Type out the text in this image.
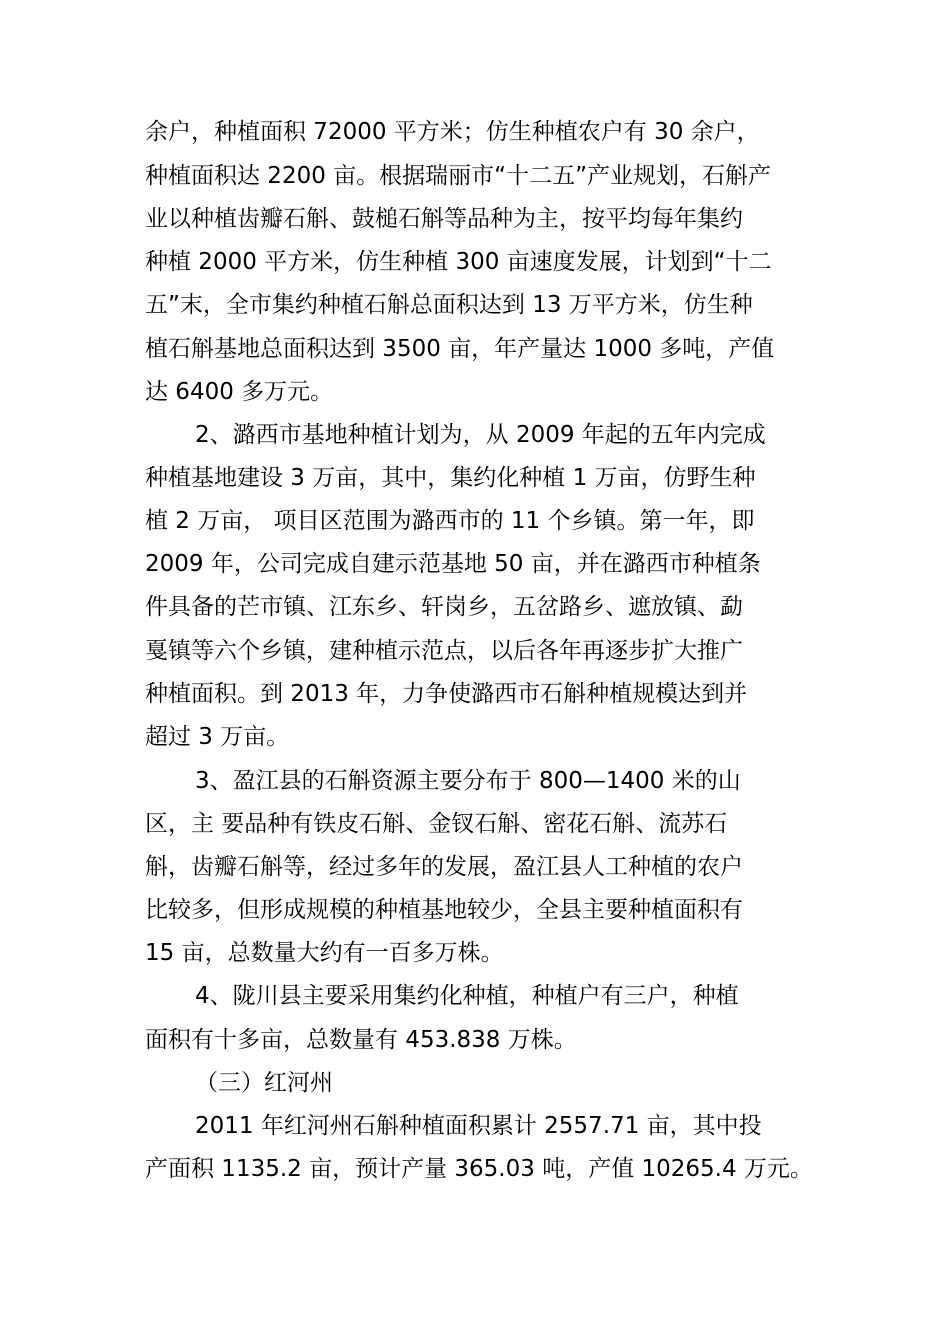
余户，种植面积 72000 平方米；仿生种植农户有 30 余户，
种植面积达 2200 亩。根据瑞丽市“十二五”产业规划，石斛产
业以种植齿瓣石斛、鼓槌石斛等品种为主，按平均每年集约
种植 2000 平方米，仿生种植 300 亩速度发展，计划到“十二
五”末，全市集约种植石斛总面积达到 13 万平方米，仿生种
植石斛基地总面积达到 3500 亩，年产量达 1000 多吨，产值
达 6400 多万元。
2、潞西市基地种植计划为，从 2009 年起的五年内完成
种植基地建设 3 万亩，其中，集约化种植 1 万亩，仿野生种
植 2 万亩， 项目区范围为潞西市的 11 个乡镇。第一年，即
2009 年，公司完成自建示范基地 50 亩，并在潞西市种植条
件具备的芒市镇、江东乡、轩岗乡，五岔路乡、遮放镇、勐
戛镇等六个乡镇，建种植示范点，以后各年再逐步扩大推广
种植面积。到 2013 年，力争使潞西市石斛种植规模达到并
超过 3 万亩。
3、盈江县的石斛资源主要分布于 800—1400 米的山
区，主 要品种有铁皮石斛、金钗石斛、密花石斛、流苏石
斛，齿瓣石斛等，经过多年的发展，盈江县人工种植的农户
比较多，但形成规模的种植基地较少，全县主要种植面积有
15 亩，总数量大约有一百多万株。
4、陇川县主要采用集约化种植，种植户有三户，种植
面积有十多亩，总数量有 453.838 万株。
（三）红河州
2011 年红河州石斛种植面积累计 2557.71 亩，其中投
产面积 1135.2 亩，预计产量 365.03 吨，产值 10265.4 万元。
